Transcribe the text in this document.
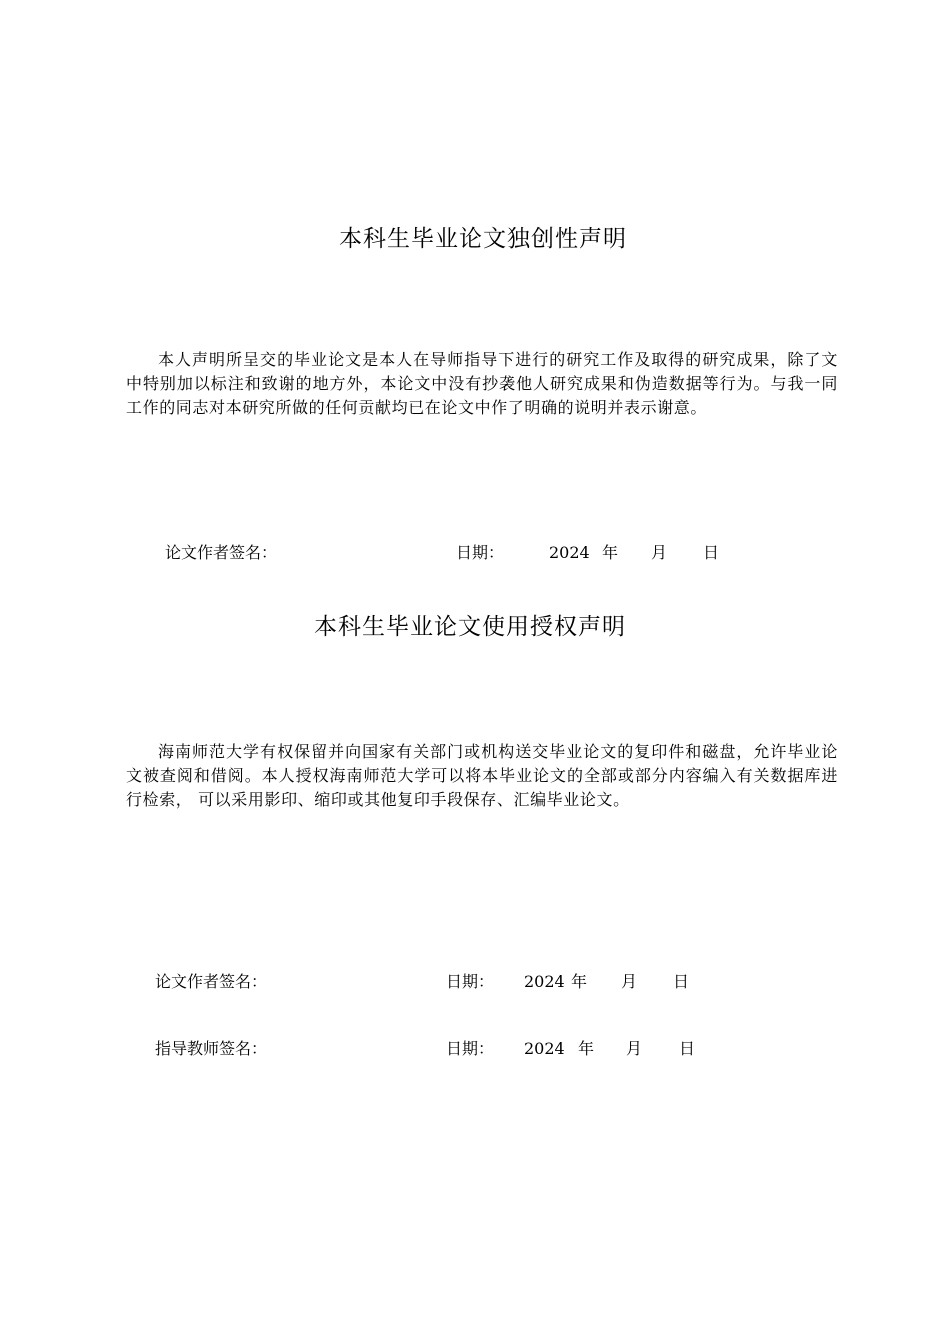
本科生毕业论文独创性声明
本人声明所呈交的毕业论文是本人在导师指导下进行的研究工作及取得的研究成果，除了文中特别加以标注和致谢的地方外，本论文中没有抄袭他人研究成果和伪造数据等行为。与我一同工作的同志对本研究所做的任何贡献均已在论文中作了明确的说明并表示谢意。
论文作者签名：	日期：	2024 年 月 日
本科生毕业论文使用授权声明
海南师范大学有权保留并向国家有关部门或机构送交毕业论文的复印件和磁盘，允许毕业论文被查阅和借阅。本人授权海南师范大学可以将本毕业论文的全部或部分内容编入有关数据库进行检索， 可以采用影印、缩印或其他复印手段保存、汇编毕业论文。
论文作者签名：	日期： 2024 年 月 日
指导教师签名：	日期： 2024 年 月 日
